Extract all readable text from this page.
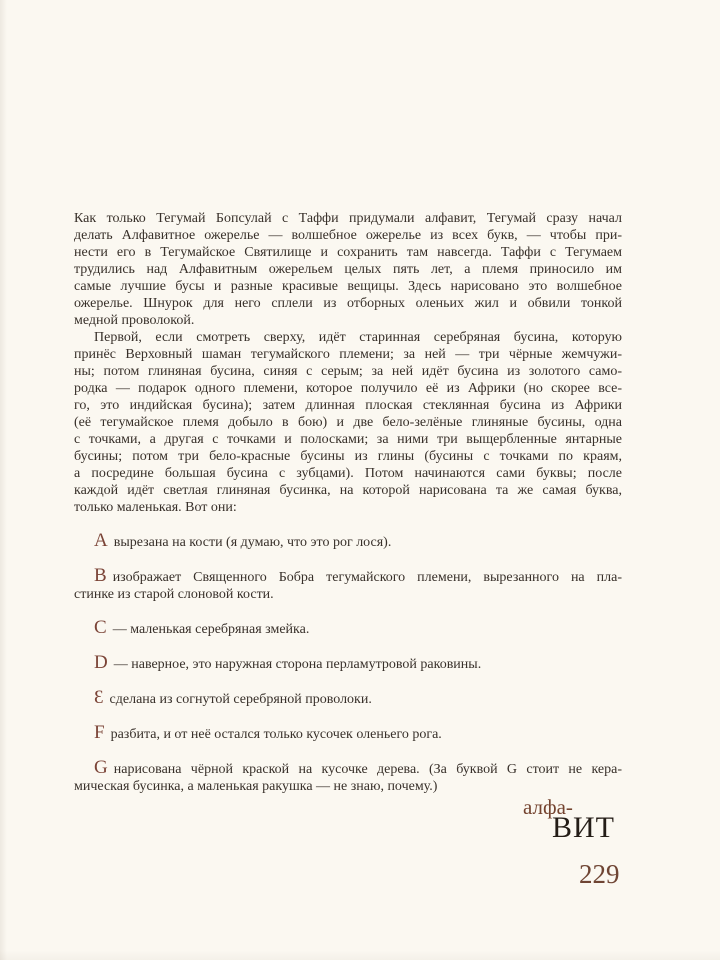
Как только Тегумай Бопсулай с Таффи придумали алфавит, Тегумай сразу начал
делать Алфавитное ожерелье — волшебное ожерелье из всех букв, — чтобы при-
нести его в Тегумайское Святилище и сохранить там навсегда. Таффи с Тегумаем
трудились над Алфавитным ожерельем целых пять лет, а племя приносило им
самые лучшие бусы и разные красивые вещицы. Здесь нарисовано это волшебное
ожерелье. Шнурок для него сплели из отборных оленьих жил и обвили тонкой
медной проволокой.

Первой, если смотреть сверху, идёт старинная серебряная бусина, которую
принёс Верховный шаман тегумайского племени; за ней — три чёрные жемчужи-
ны; потом глиняная бусина, синяя с серым; за ней идёт бусина из золотого само-
родка — подарок одного племени, которое получило её из Африки (но скорее все-
го, это индийская бусина); затем длинная плоская стеклянная бусина из Африки
(её тегумайское племя добыло в бою) и две бело-зелёные глиняные бусины, одна
с точками, а другая с точками и полосками; за ними три выщербленные янтарные
бусины; потом три бело-красные бусины из глины (бусины с точками по краям,
а посредине большая бусина с зубцами). Потом начинаются сами буквы; после
каждой идёт светлая глиняная бусинка, на которой нарисована та же самая буква,
только маленькая. Вот они:

A вырезана на кости (я думаю, что это рог лося).

B изображает Священного Бобра тегумайского племени, вырезанного на пла-
стинке из старой слоновой кости.

C — маленькая серебряная змейка.

D — наверное, это наружная сторона перламутровой раковины.

Ɛ сделана из согнутой серебряной проволоки.

F разбита, и от неё остался только кусочек оленьего рога.

G нарисована чёрной краской на кусочке дерева. (За буквой G стоит не кера-
мическая бусинка, а маленькая ракушка — не знаю, почему.)

алфа-
ВИТ
229
